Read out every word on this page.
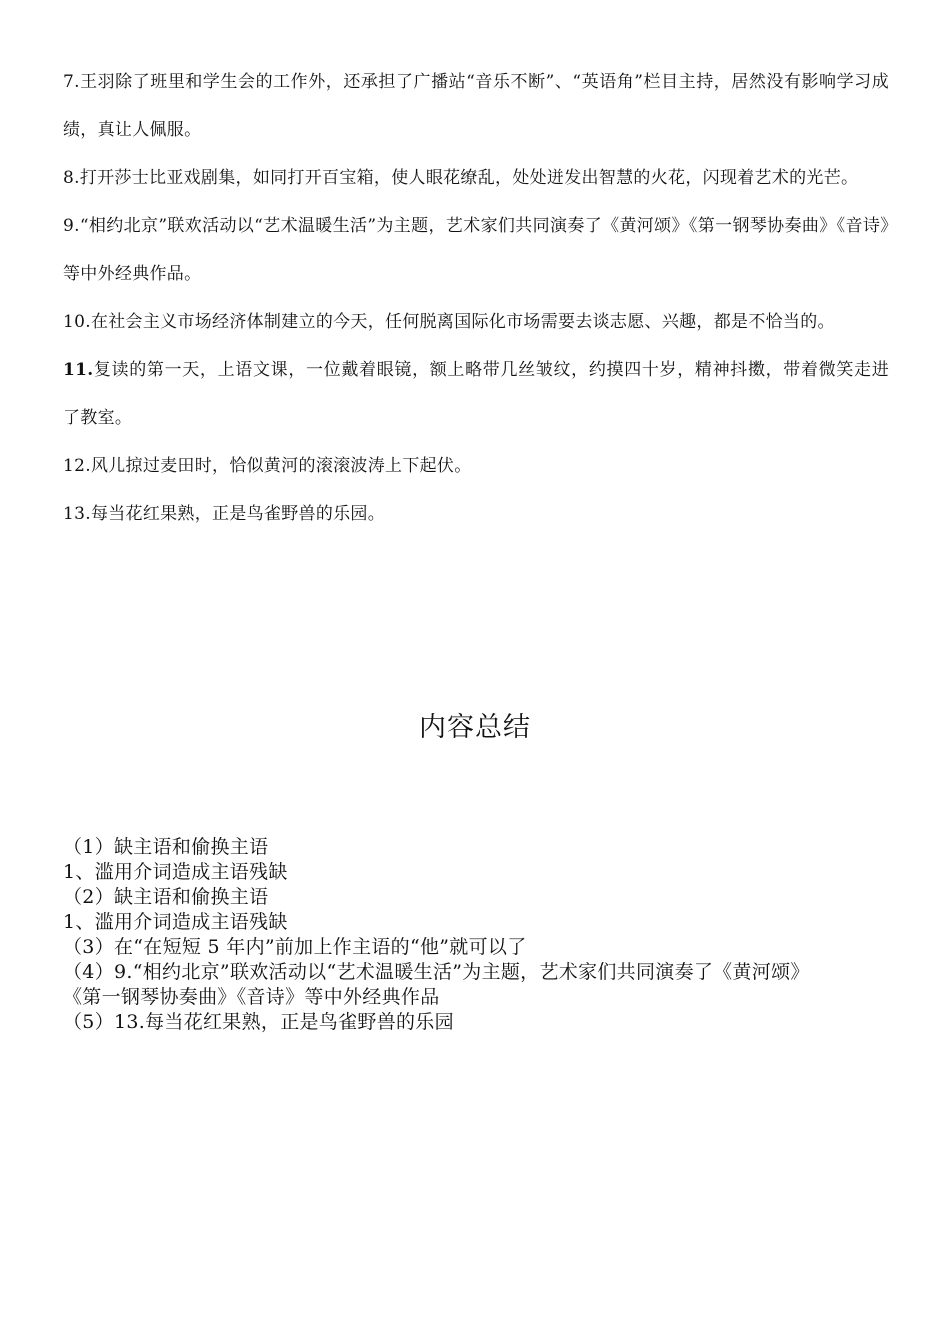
7.王羽除了班里和学生会的工作外，还承担了广播站“音乐不断”、“英语角”栏目主持，居然没有影响学习成绩，真让人佩服。
8.打开莎士比亚戏剧集，如同打开百宝箱，使人眼花缭乱，处处迸发出智慧的火花，闪现着艺术的光芒。
9.“相约北京”联欢活动以“艺术温暖生活”为主题，艺术家们共同演奏了《黄河颂》《第一钢琴协奏曲》《音诗》等中外经典作品。
10.在社会主义市场经济体制建立的今天，任何脱离国际化市场需要去谈志愿、兴趣，都是不恰当的。
11.复读的第一天，上语文课，一位戴着眼镜，额上略带几丝皱纹，约摸四十岁，精神抖擞，带着微笑走进了教室。
12.风儿掠过麦田时，恰似黄河的滚滚波涛上下起伏。
13.每当花红果熟，正是鸟雀野兽的乐园。
内容总结
（1）缺主语和偷换主语
1、滥用介词造成主语残缺
（2）缺主语和偷换主语
1、滥用介词造成主语残缺
（3）在“在短短 5 年内”前加上作主语的“他”就可以了
（4）9.“相约北京”联欢活动以“艺术温暖生活”为主题，艺术家们共同演奏了《黄河颂》
《第一钢琴协奏曲》《音诗》等中外经典作品
（5）13.每当花红果熟，正是鸟雀野兽的乐园
